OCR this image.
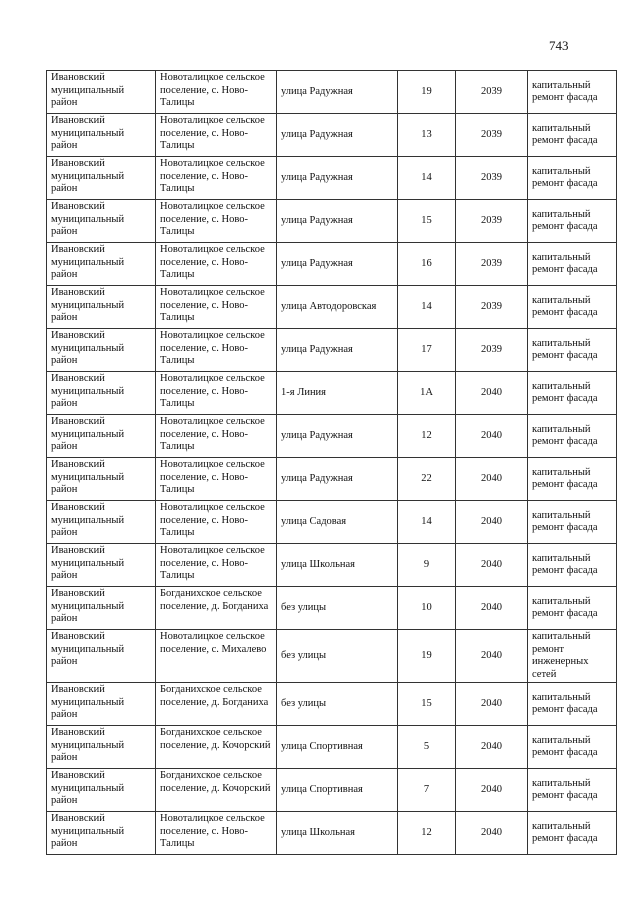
743
Ивановский муниципальный район	Новоталицкое сельское поселение, с. Ново-Талицы	улица Радужная	19	2039	капитальный ремонт фасада
Ивановский муниципальный район	Новоталицкое сельское поселение, с. Ново-Талицы	улица Радужная	13	2039	капитальный ремонт фасада
Ивановский муниципальный район	Новоталицкое сельское поселение, с. Ново-Талицы	улица Радужная	14	2039	капитальный ремонт фасада
Ивановский муниципальный район	Новоталицкое сельское поселение, с. Ново-Талицы	улица Радужная	15	2039	капитальный ремонт фасада
Ивановский муниципальный район	Новоталицкое сельское поселение, с. Ново-Талицы	улица Радужная	16	2039	капитальный ремонт фасада
Ивановский муниципальный район	Новоталицкое сельское поселение, с. Ново-Талицы	улица Автодоровская	14	2039	капитальный ремонт фасада
Ивановский муниципальный район	Новоталицкое сельское поселение, с. Ново-Талицы	улица Радужная	17	2039	капитальный ремонт фасада
Ивановский муниципальный район	Новоталицкое сельское поселение, с. Ново-Талицы	1-я Линия	1А	2040	капитальный ремонт фасада
Ивановский муниципальный район	Новоталицкое сельское поселение, с. Ново-Талицы	улица Радужная	12	2040	капитальный ремонт фасада
Ивановский муниципальный район	Новоталицкое сельское поселение, с. Ново-Талицы	улица Радужная	22	2040	капитальный ремонт фасада
Ивановский муниципальный район	Новоталицкое сельское поселение, с. Ново-Талицы	улица Садовая	14	2040	капитальный ремонт фасада
Ивановский муниципальный район	Новоталицкое сельское поселение, с. Ново-Талицы	улица Школьная	9	2040	капитальный ремонт фасада
Ивановский муниципальный район	Богданихское сельское поселение, д. Богданиха	без улицы	10	2040	капитальный ремонт фасада
Ивановский муниципальный район	Новоталицкое сельское поселение, с. Михалево	без улицы	19	2040	капитальный ремонт инженерных сетей
Ивановский муниципальный район	Богданихское сельское поселение, д. Богданиха	без улицы	15	2040	капитальный ремонт фасада
Ивановский муниципальный район	Богданихское сельское поселение, д. Кочорский	улица Спортивная	5	2040	капитальный ремонт фасада
Ивановский муниципальный район	Богданихское сельское поселение, д. Кочорский	улица Спортивная	7	2040	капитальный ремонт фасада
Ивановский муниципальный район	Новоталицкое сельское поселение, с. Ново-Талицы	улица Школьная	12	2040	капитальный ремонт фасада
